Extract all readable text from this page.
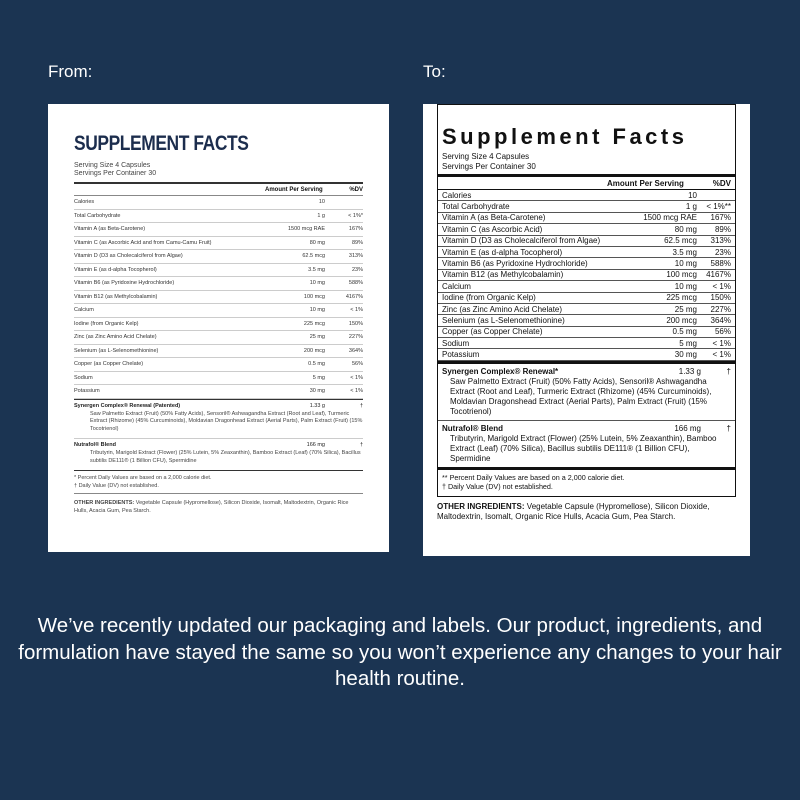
From:	To:
SUPPLEMENT FACTS
Serving Size 4 Capsules
Servings Per Container 30
Amount Per Serving	%DV
Calories	10
Total Carbohydrate	1 g	< 1%*
Vitamin A (as Beta-Carotene)	1500 mcg RAE	167%
Vitamin C (as Ascorbic Acid and from Camu-Camu Fruit)	80 mg	89%
Vitamin D (D3 as Cholecalciferol from Algae)	62.5 mcg	313%
Vitamin E (as d-alpha Tocopherol)	3.5 mg	23%
Vitamin B6 (as Pyridoxine Hydrochloride)	10 mg	588%
Vitamin B12 (as Methylcobalamin)	100 mcg	4167%
Calcium	10 mg	< 1%
Iodine (from Organic Kelp)	225 mcg	150%
Zinc (as Zinc Amino Acid Chelate)	25 mg	227%
Selenium (as L-Selenomethionine)	200 mcg	364%
Copper (as Copper Chelate)	0.5 mg	56%
Sodium	5 mg	< 1%
Potassium	30 mg	< 1%
Synergen Complex® Renewal (Patented)	1.33 g	†
Saw Palmetto Extract (Fruit) (50% Fatty Acids), Sensoril® Ashwagandha Extract (Root and Leaf), Turmeric Extract (Rhizome) (45% Curcuminoids), Moldavian Dragonhead Extract (Aerial Parts), Palm Extract (Fruit) (15% Tocotrienol)
Nutrafol® Blend	166 mg	†
Tributyrin, Marigold Extract (Flower) (25% Lutein, 5% Zeaxanthin), Bamboo Extract (Leaf) (70% Silica), Bacillus subtilis DE111® (1 Billion CFU), Spermidine
* Percent Daily Values are based on a 2,000 calorie diet.
† Daily Value (DV) not established.
OTHER INGREDIENTS: Vegetable Capsule (Hypromellose), Silicon Dioxide, Isomalt, Maltodextrin, Organic Rice Hulls, Acacia Gum, Pea Starch.
Supplement Facts
Serving Size 4 Capsules
Servings Per Container 30
Amount Per Serving	%DV
Calories	10
Total Carbohydrate	1 g	< 1%**
Vitamin A (as Beta-Carotene)	1500 mcg RAE	167%
Vitamin C (as Ascorbic Acid)	80 mg	89%
Vitamin D (D3 as Cholecalciferol from Algae)	62.5 mcg	313%
Vitamin E (as d-alpha Tocopherol)	3.5 mg	23%
Vitamin B6 (as Pyridoxine Hydrochloride)	10 mg	588%
Vitamin B12 (as Methylcobalamin)	100 mcg	4167%
Calcium	10 mg	< 1%
Iodine (from Organic Kelp)	225 mcg	150%
Zinc (as Zinc Amino Acid Chelate)	25 mg	227%
Selenium (as L-Selenomethionine)	200 mcg	364%
Copper (as Copper Chelate)	0.5 mg	56%
Sodium	5 mg	< 1%
Potassium	30 mg	< 1%
Synergen Complex® Renewal*	1.33 g	†
Saw Palmetto Extract (Fruit) (50% Fatty Acids), Sensoril® Ashwagandha Extract (Root and Leaf), Turmeric Extract (Rhizome) (45% Curcuminoids), Moldavian Dragonshead Extract (Aerial Parts), Palm Extract (Fruit) (15% Tocotrienol)
Nutrafol® Blend	166 mg	†
Tributyrin, Marigold Extract (Flower) (25% Lutein, 5% Zeaxanthin), Bamboo Extract (Leaf) (70% Silica), Bacillus subtilis DE111® (1 Billion CFU), Spermidine
** Percent Daily Values are based on a 2,000 calorie diet.
† Daily Value (DV) not established.
OTHER INGREDIENTS: Vegetable Capsule (Hypromellose), Silicon Dioxide, Maltodextrin, Isomalt, Organic Rice Hulls, Acacia Gum, Pea Starch.
We’ve recently updated our packaging and labels. Our product, ingredients, and formulation have stayed the same so you won’t experience any changes to your hair health routine.
